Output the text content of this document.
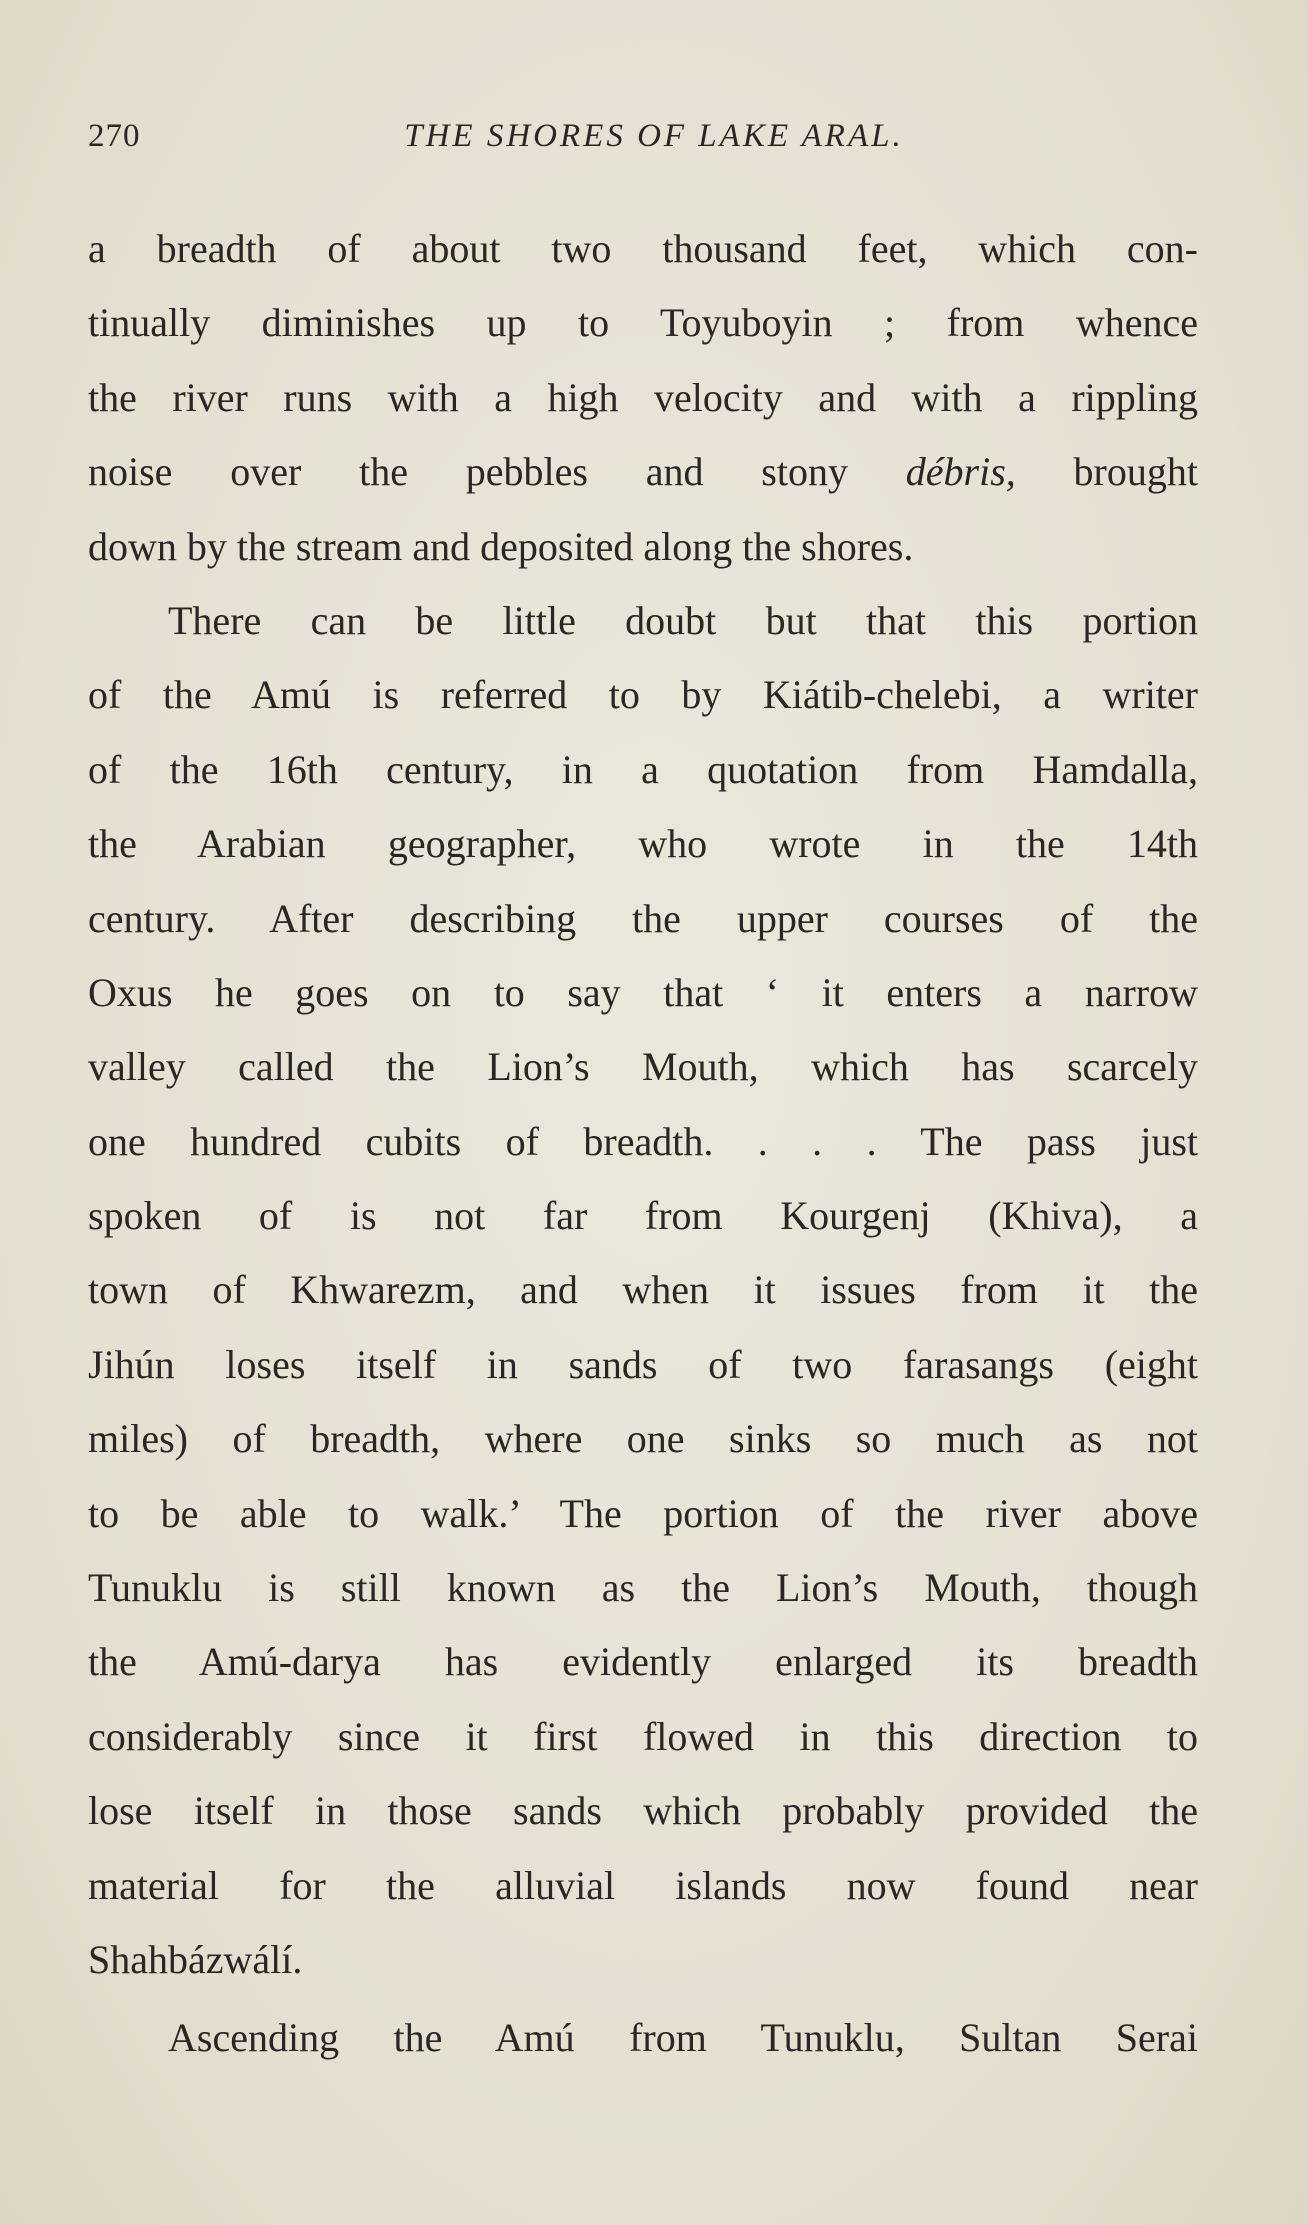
270	THE SHORES OF LAKE ARAL.
a breadth of about two thousand feet, which con-
tinually diminishes up to Toyuboyin ; from whence
the river runs with a high velocity and with a rippling
noise over the pebbles and stony débris, brought
down by the stream and deposited along the shores.
There can be little doubt but that this portion
of the Amú is referred to by Kiátib-chelebi, a writer
of the 16th century, in a quotation from Hamdalla,
the Arabian geographer, who wrote in the 14th
century. After describing the upper courses of the
Oxus he goes on to say that ‘ it enters a narrow
valley called the Lion’s Mouth, which has scarcely
one hundred cubits of breadth. . . . The pass just
spoken of is not far from Kourgenj (Khiva), a
town of Khwarezm, and when it issues from it the
Jihún loses itself in sands of two farasangs (eight
miles) of breadth, where one sinks so much as not
to be able to walk.’ The portion of the river above
Tunuklu is still known as the Lion’s Mouth, though
the Amú-darya has evidently enlarged its breadth
considerably since it first flowed in this direction to
lose itself in those sands which probably provided the
material for the alluvial islands now found near
Shahbázwálí.
Ascending the Amú from Tunuklu, Sultan Serai
